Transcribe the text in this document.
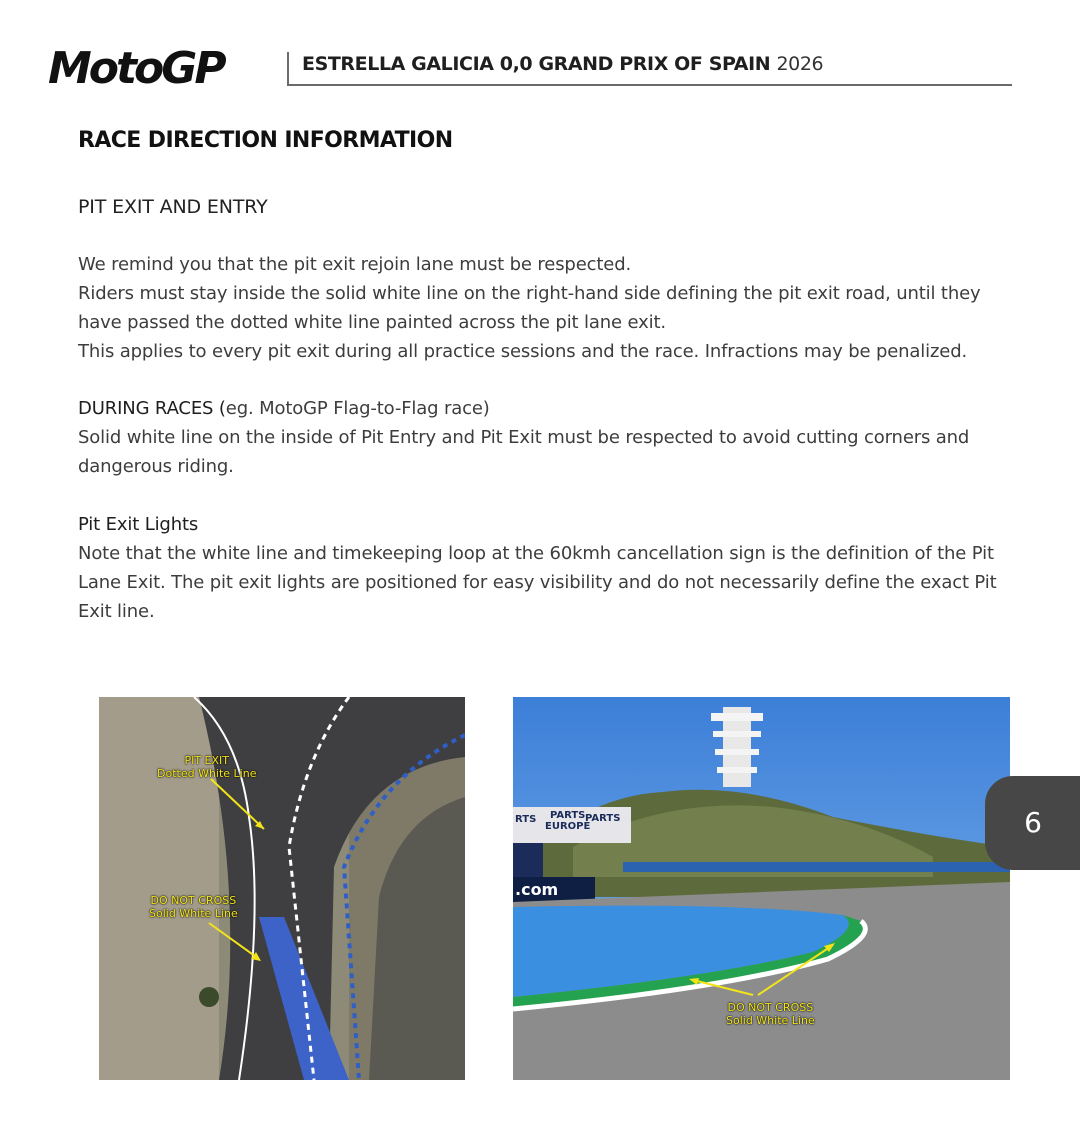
MotoGP	ESTRELLA GALICIA 0,0 GRAND PRIX OF SPAIN 2026
RACE DIRECTION INFORMATION
PIT EXIT AND ENTRY

We remind you that the pit exit rejoin lane must be respected.

Riders must stay inside the solid white line on the right-hand side defining the pit exit road, until they have passed the dotted white line painted across the pit lane exit.

This applies to every pit exit during all practice sessions and the race. Infractions may be penalized.

DURING RACES (eg. MotoGP Flag-to-Flag race)

Solid white line on the inside of Pit Entry and Pit Exit must be respected to avoid cutting corners and dangerous riding.

Pit Exit Lights

Note that the white line and timekeeping loop at the 60kmh cancellation sign is the definition of the Pit Lane Exit. The pit exit lights are positioned for easy visibility and do not necessarily define the exact Pit Exit line.

PIT EXIT
Dotted White Line
DO NOT CROSS
Solid White Line
RTS	PARTS
EUROPE
PARTS
.com
DO NOT CROSS
Solid White Line
6
